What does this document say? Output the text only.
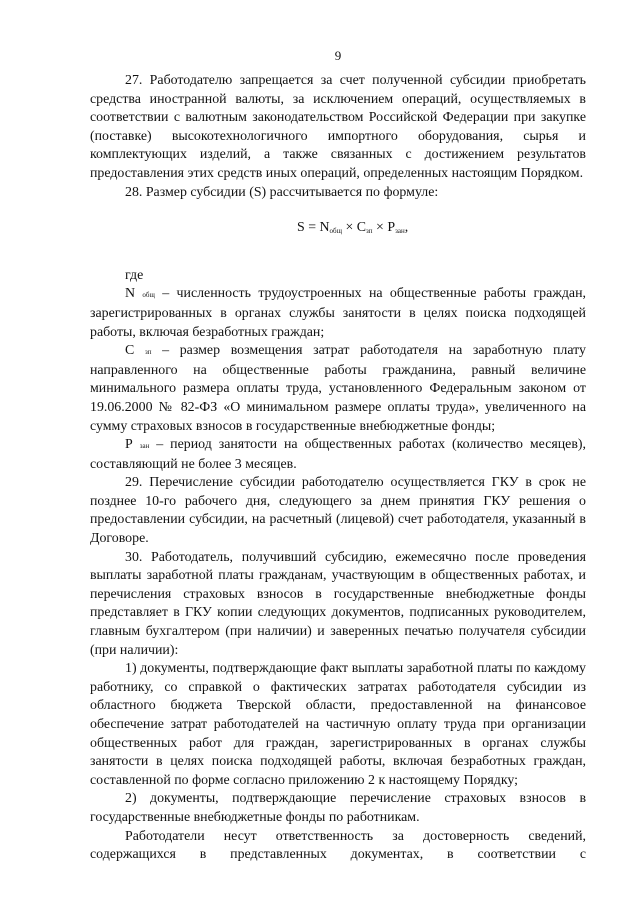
9

27. Работодателю запрещается за счет полученной субсидии приобретать средства иностранной валюты, за исключением операций, осуществляемых в соответствии с валютным законодательством Российской Федерации при закупке (поставке) высокотехнологичного импортного оборудования, сырья и комплектующих изделий, а также связанных с достижением результатов предоставления этих средств иных операций, определенных настоящим Порядком.

28. Размер субсидии (S) рассчитывается по формуле:

$S = N_{общ} \times С_{зп} \times Р_{зан}$,

где

N общ – численность трудоустроенных на общественные работы граждан, зарегистрированных в органах службы занятости в целях поиска подходящей работы, включая безработных граждан;

С зп – размер возмещения затрат работодателя на заработную плату направленного на общественные работы гражданина, равный величине минимального размера оплаты труда, установленного Федеральным законом от 19.06.2000 № 82-ФЗ «О минимальном размере оплаты труда», увеличенного на сумму страховых взносов в государственные внебюджетные фонды;

Р зан – период занятости на общественных работах (количество месяцев), составляющий не более 3 месяцев.

29. Перечисление субсидии работодателю осуществляется ГКУ в срок не позднее 10-го рабочего дня, следующего за днем принятия ГКУ решения о предоставлении субсидии, на расчетный (лицевой) счет работодателя, указанный в Договоре.

30. Работодатель, получивший субсидию, ежемесячно после проведения выплаты заработной платы гражданам, участвующим в общественных работах, и перечисления страховых взносов в государственные внебюджетные фонды представляет в ГКУ копии следующих документов, подписанных руководителем, главным бухгалтером (при наличии) и заверенных печатью получателя субсидии (при наличии):

1) документы, подтверждающие факт выплаты заработной платы по каждому работнику, со справкой о фактических затратах работодателя субсидии из областного бюджета Тверской области, предоставленной на финансовое обеспечение затрат работодателей на частичную оплату труда при организации общественных работ для граждан, зарегистрированных в органах службы занятости в целях поиска подходящей работы, включая безработных граждан, составленной по форме согласно приложению 2 к настоящему Порядку;

2) документы, подтверждающие перечисление страховых взносов в государственные внебюджетные фонды по работникам.

Работодатели несут ответственность за достоверность сведений, содержащихся в представленных документах, в соответствии с
